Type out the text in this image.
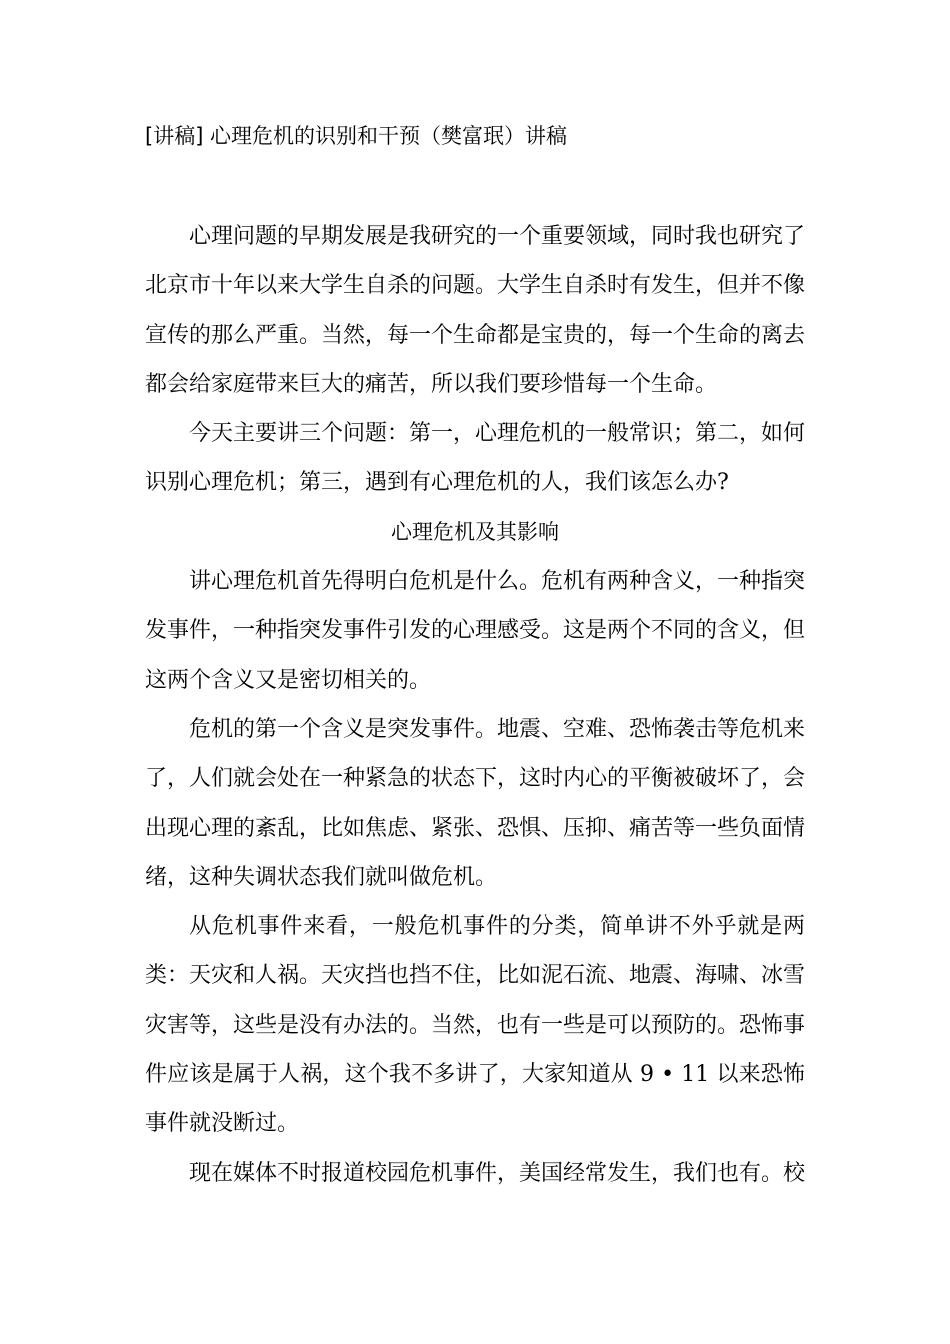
[讲稿] 心理危机的识别和干预（樊富珉）讲稿

心理问题的早期发展是我研究的一个重要领域，同时我也研究了北京市十年以来大学生自杀的问题。大学生自杀时有发生，但并不像宣传的那么严重。当然，每一个生命都是宝贵的，每一个生命的离去都会给家庭带来巨大的痛苦，所以我们要珍惜每一个生命。

今天主要讲三个问题：第一，心理危机的一般常识；第二，如何识别心理危机；第三，遇到有心理危机的人，我们该怎么办?

心理危机及其影响

讲心理危机首先得明白危机是什么。危机有两种含义，一种指突发事件，一种指突发事件引发的心理感受。这是两个不同的含义，但这两个含义又是密切相关的。

危机的第一个含义是突发事件。地震、空难、恐怖袭击等危机来了，人们就会处在一种紧急的状态下，这时内心的平衡被破坏了，会出现心理的紊乱，比如焦虑、紧张、恐惧、压抑、痛苦等一些负面情绪，这种失调状态我们就叫做危机。

从危机事件来看，一般危机事件的分类，简单讲不外乎就是两类：天灾和人祸。天灾挡也挡不住，比如泥石流、地震、海啸、冰雪灾害等，这些是没有办法的。当然，也有一些是可以预防的。恐怖事件应该是属于人祸，这个我不多讲了，大家知道从 9 • 11 以来恐怖事件就没断过。

现在媒体不时报道校园危机事件，美国经常发生，我们也有。校
